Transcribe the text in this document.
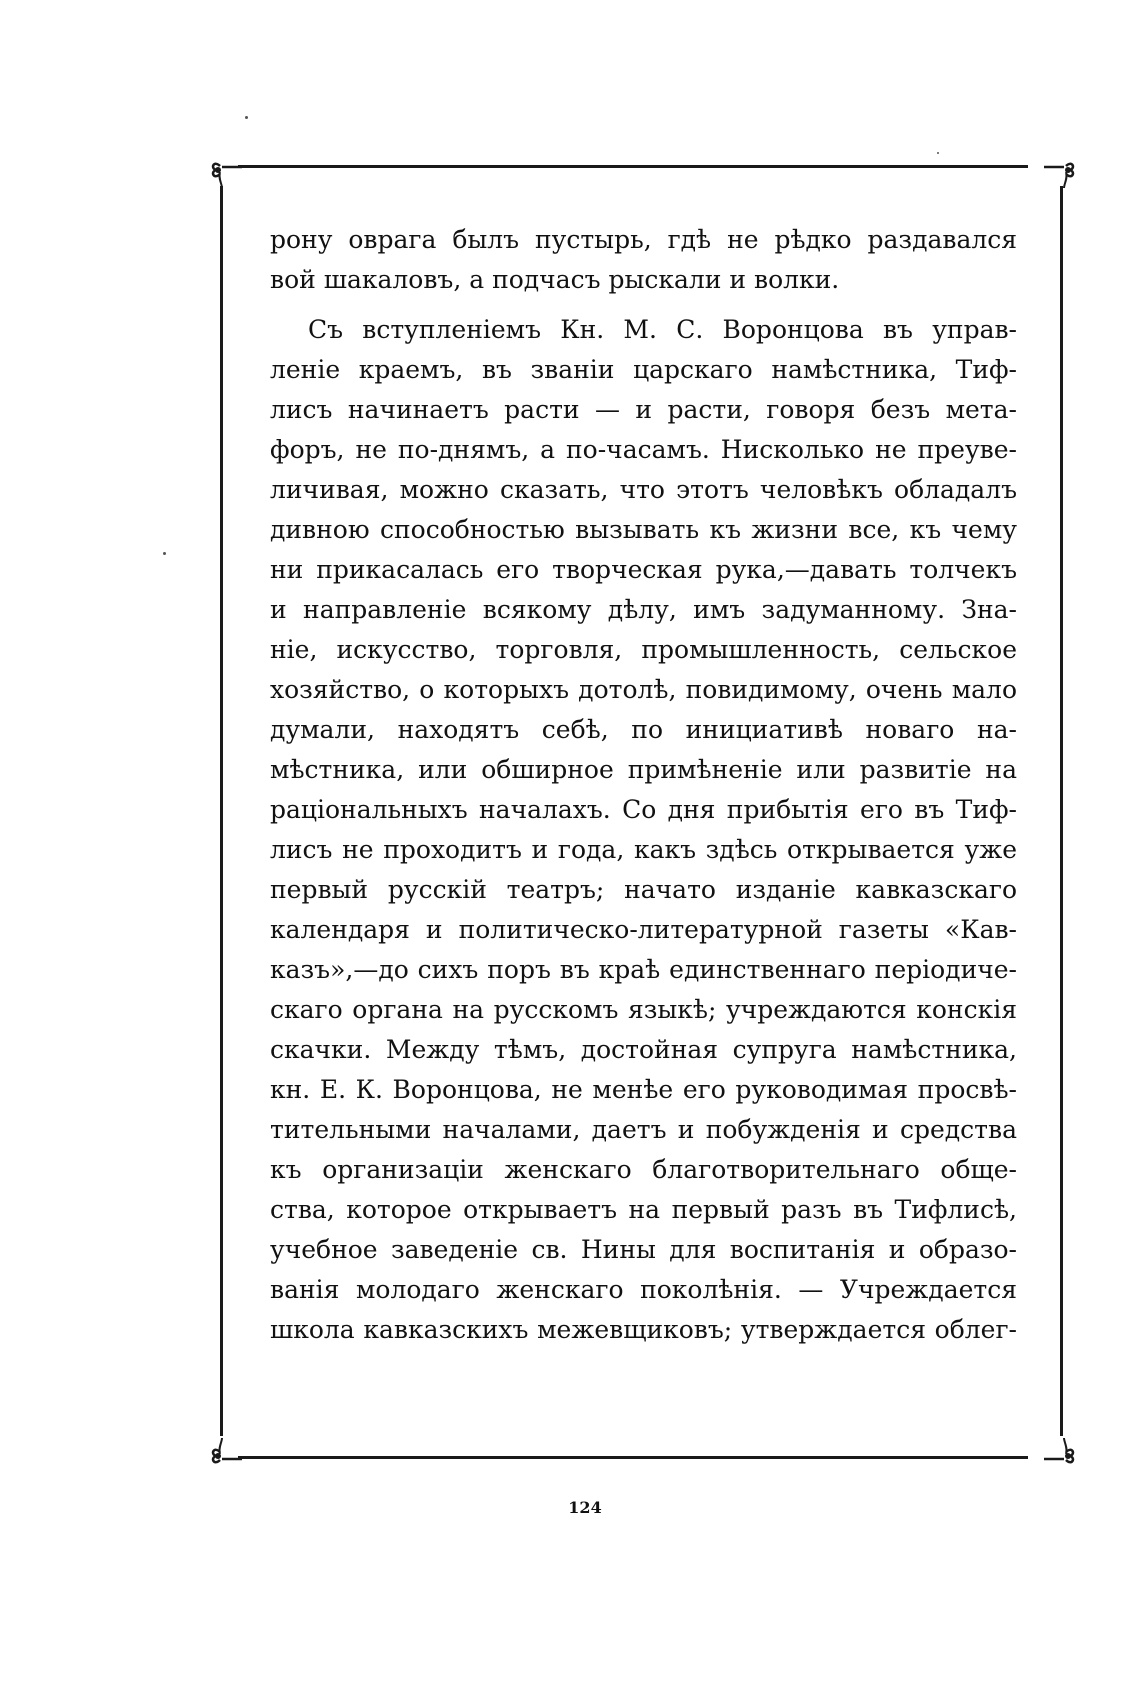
рону оврага былъ пустырь, гдѣ не рѣдко раздавался
вой шакаловъ, а подчасъ рыскали и волки.
Съ вступленіемъ Кн. М. С. Воронцова въ управ-
леніе краемъ, въ званіи царскаго намѣстника, Тиф-
лисъ начинаетъ расти — и расти, говоря безъ мета-
форъ, не по-днямъ, а по-часамъ. Нисколько не преуве-
личивая, можно сказать, что этотъ человѣкъ обладалъ
дивною способностью вызывать къ жизни все, къ чему
ни прикасалась его творческая рука,—давать толчекъ
и направленіе всякому дѣлу, имъ задуманному. Зна-
ніе, искусство, торговля, промышленность, сельское
хозяйство, о которыхъ дотолѣ, повидимому, очень мало
думали, находятъ себѣ, по инициативѣ новаго на-
мѣстника, или обширное примѣненіе или развитіе на
раціональныхъ началахъ. Со дня прибытія его въ Тиф-
лисъ не проходитъ и года, какъ здѣсь открывается уже
первый русскій театръ; начато изданіе кавказскаго
календаря и политическо-литературной газеты «Кав-
казъ»,—до сихъ поръ въ краѣ единственнаго періодиче-
скаго органа на русскомъ языкѣ; учреждаются конскія
скачки. Между тѣмъ, достойная супруга намѣстника,
кн. Е. К. Воронцова, не менѣе его руководимая просвѣ-
тительными началами, даетъ и побужденія и средства
къ организаціи женскаго благотворительнаго обще-
ства, которое открываетъ на первый разъ въ Тифлисѣ,
учебное заведеніе св. Нины для воспитанія и образо-
ванія молодаго женскаго поколѣнія. — Учреждается
школа кавказскихъ межевщиковъ; утверждается облег-
124
